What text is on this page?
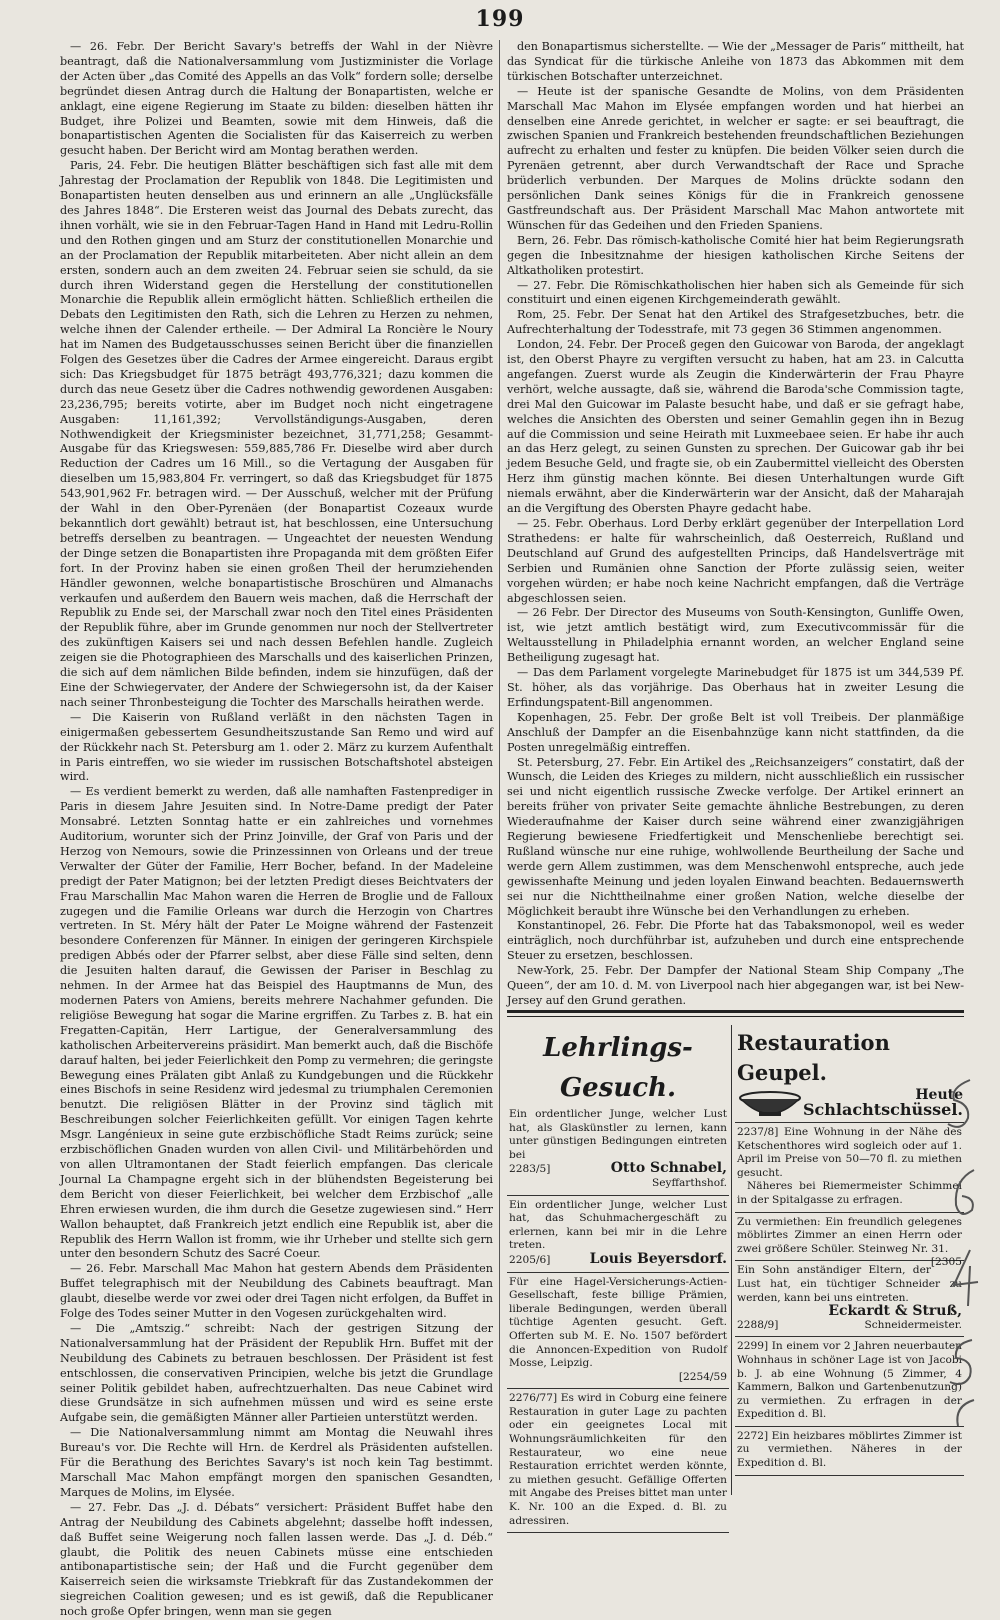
199

— 26. Febr. Der Bericht Savary's betreffs der Wahl in der Nièvre beantragt, daß die Nationalversammlung vom Justizminister die Vorlage der Acten über „das Comité des Appells an das Volk“ fordern solle; derselbe begründet diesen Antrag durch die Haltung der Bonapartisten, welche er anklagt, eine eigene Regierung im Staate zu bilden: dieselben hätten ihr Budget, ihre Polizei und Beamten, sowie mit dem Hinweis, daß die bonapartistischen Agenten die Socialisten für das Kaiserreich zu werben gesucht haben. Der Bericht wird am Montag berathen werden.

Paris, 24. Febr. Die heutigen Blätter beschäftigen sich fast alle mit dem Jahrestag der Proclamation der Republik von 1848. Die Legitimisten und Bonapartisten heuten denselben aus und erinnern an alle „Unglücksfälle des Jahres 1848“. Die Ersteren weist das Journal des Debats zurecht, das ihnen vorhält, wie sie in den Februar-Tagen Hand in Hand mit Ledru-Rollin und den Rothen gingen und am Sturz der constitutionellen Monarchie und an der Proclamation der Republik mitarbeiteten. Aber nicht allein an dem ersten, sondern auch an dem zweiten 24. Februar seien sie schuld, da sie durch ihren Widerstand gegen die Herstellung der constitutionellen Monarchie die Republik allein ermöglicht hätten. Schließlich ertheilen die Debats den Legitimisten den Rath, sich die Lehren zu Herzen zu nehmen, welche ihnen der Calender ertheile. — Der Admiral La Roncière le Noury hat im Namen des Budgetausschusses seinen Bericht über die finanziellen Folgen des Gesetzes über die Cadres der Armee eingereicht. Daraus ergibt sich: Das Kriegsbudget für 1875 beträgt 493,776,321; dazu kommen die durch das neue Gesetz über die Cadres nothwendig gewordenen Ausgaben: 23,236,795; bereits votirte, aber im Budget noch nicht eingetragene Ausgaben: 11,161,392; Vervollständigungs-Ausgaben, deren Nothwendigkeit der Kriegsminister bezeichnet, 31,771,258; Gesammt-Ausgabe für das Kriegswesen: 559,885,786 Fr. Dieselbe wird aber durch Reduction der Cadres um 16 Mill., so die Vertagung der Ausgaben für dieselben um 15,983,804 Fr. verringert, so daß das Kriegsbudget für 1875 543,901,962 Fr. betragen wird. — Der Ausschuß, welcher mit der Prüfung der Wahl in den Ober-Pyrenäen (der Bonapartist Cozeaux wurde bekanntlich dort gewählt) betraut ist, hat beschlossen, eine Untersuchung betreffs derselben zu beantragen. — Ungeachtet der neuesten Wendung der Dinge setzen die Bonapartisten ihre Propaganda mit dem größten Eifer fort. In der Provinz haben sie einen großen Theil der herumziehenden Händler gewonnen, welche bonapartistische Broschüren und Almanachs verkaufen und außerdem den Bauern weis machen, daß die Herrschaft der Republik zu Ende sei, der Marschall zwar noch den Titel eines Präsidenten der Republik führe, aber im Grunde genommen nur noch der Stellvertreter des zukünftigen Kaisers sei und nach dessen Befehlen handle. Zugleich zeigen sie die Photographieen des Marschalls und des kaiserlichen Prinzen, die sich auf dem nämlichen Bilde befinden, indem sie hinzufügen, daß der Eine der Schwiegervater, der Andere der Schwiegersohn ist, da der Kaiser nach seiner Thronbesteigung die Tochter des Marschalls heirathen werde.

— Die Kaiserin von Rußland verläßt in den nächsten Tagen in einigermaßen gebessertem Gesundheitszustande San Remo und wird auf der Rückkehr nach St. Petersburg am 1. oder 2. März zu kurzem Aufenthalt in Paris eintreffen, wo sie wieder im russischen Botschaftshotel absteigen wird.

— Es verdient bemerkt zu werden, daß alle namhaften Fastenprediger in Paris in diesem Jahre Jesuiten sind. In Notre-Dame predigt der Pater Monsabré. Letzten Sonntag hatte er ein zahlreiches und vornehmes Auditorium, worunter sich der Prinz Joinville, der Graf von Paris und der Herzog von Nemours, sowie die Prinzessinnen von Orleans und der treue Verwalter der Güter der Familie, Herr Bocher, befand. In der Madeleine predigt der Pater Matignon; bei der letzten Predigt dieses Beichtvaters der Frau Marschallin Mac Mahon waren die Herren de Broglie und de Falloux zugegen und die Familie Orleans war durch die Herzogin von Chartres vertreten. In St. Méry hält der Pater Le Moigne während der Fastenzeit besondere Conferenzen für Männer. In einigen der geringeren Kirchspiele predigen Abbés oder der Pfarrer selbst, aber diese Fälle sind selten, denn die Jesuiten halten darauf, die Gewissen der Pariser in Beschlag zu nehmen. In der Armee hat das Beispiel des Hauptmanns de Mun, des modernen Paters von Amiens, bereits mehrere Nachahmer gefunden. Die religiöse Bewegung hat sogar die Marine ergriffen. Zu Tarbes z. B. hat ein Fregatten-Capitän, Herr Lartigue, der Generalversammlung des katholischen Arbeitervereins präsidirt. Man bemerkt auch, daß die Bischöfe darauf halten, bei jeder Feierlichkeit den Pomp zu vermehren; die geringste Bewegung eines Prälaten gibt Anlaß zu Kundgebungen und die Rückkehr eines Bischofs in seine Residenz wird jedesmal zu triumphalen Ceremonien benutzt. Die religiösen Blätter in der Provinz sind täglich mit Beschreibungen solcher Feierlichkeiten gefüllt. Vor einigen Tagen kehrte Msgr. Langénieux in seine gute erzbischöfliche Stadt Reims zurück; seine erzbischöflichen Gnaden wurden von allen Civil- und Militärbehörden und von allen Ultramontanen der Stadt feierlich empfangen. Das clericale Journal La Champagne ergeht sich in der blühendsten Begeisterung bei dem Bericht von dieser Feierlichkeit, bei welcher dem Erzbischof „alle Ehren erwiesen wurden, die ihm durch die Gesetze zugewiesen sind.“ Herr Wallon behauptet, daß Frankreich jetzt endlich eine Republik ist, aber die Republik des Herrn Wallon ist fromm, wie ihr Urheber und stellte sich gern unter den besondern Schutz des Sacré Coeur.

— 26. Febr. Marschall Mac Mahon hat gestern Abends dem Präsidenten Buffet telegraphisch mit der Neubildung des Cabinets beauftragt. Man glaubt, dieselbe werde vor zwei oder drei Tagen nicht erfolgen, da Buffet in Folge des Todes seiner Mutter in den Vogesen zurückgehalten wird.

— Die „Amtszig.“ schreibt: Nach der gestrigen Sitzung der Nationalversammlung hat der Präsident der Republik Hrn. Buffet mit der Neubildung des Cabinets zu betrauen beschlossen. Der Präsident ist fest entschlossen, die conservativen Principien, welche bis jetzt die Grundlage seiner Politik gebildet haben, aufrechtzuerhalten. Das neue Cabinet wird diese Grundsätze in sich aufnehmen müssen und wird es seine erste Aufgabe sein, die gemäßigten Männer aller Partieien unterstützt werden.

— Die Nationalversammlung nimmt am Montag die Neuwahl ihres Bureau's vor. Die Rechte will Hrn. de Kerdrel als Präsidenten aufstellen. Für die Berathung des Berichtes Savary's ist noch kein Tag bestimmt. Marschall Mac Mahon empfängt morgen den spanischen Gesandten, Marques de Molins, im Elysée.

— 27. Febr. Das „J. d. Débats“ versichert: Präsident Buffet habe den Antrag der Neubildung des Cabinets abgelehnt; dasselbe hofft indessen, daß Buffet seine Weigerung noch fallen lassen werde. Das „J. d. Déb.“ glaubt, die Politik des neuen Cabinets müsse eine entschieden antibonapartistische sein; der Haß und die Furcht gegenüber dem Kaiserreich seien die wirksamste Triebkraft für das Zustandekommen der siegreichen Coalition gewesen; und es ist gewiß, daß die Republicaner noch große Opfer bringen, wenn man sie gegen

den Bonapartismus sicherstellte. — Wie der „Messager de Paris“ mittheilt, hat das Syndicat für die türkische Anleihe von 1873 das Abkommen mit dem türkischen Botschafter unterzeichnet.

— Heute ist der spanische Gesandte de Molins, von dem Präsidenten Marschall Mac Mahon im Elysée empfangen worden und hat hierbei an denselben eine Anrede gerichtet, in welcher er sagte: er sei beauftragt, die zwischen Spanien und Frankreich bestehenden freundschaftlichen Beziehungen aufrecht zu erhalten und fester zu knüpfen. Die beiden Völker seien durch die Pyrenäen getrennt, aber durch Verwandtschaft der Race und Sprache brüderlich verbunden. Der Marques de Molins drückte sodann den persönlichen Dank seines Königs für die in Frankreich genossene Gastfreundschaft aus. Der Präsident Marschall Mac Mahon antwortete mit Wünschen für das Gedeihen und den Frieden Spaniens.

Bern, 26. Febr. Das römisch-katholische Comité hier hat beim Regierungsrath gegen die Inbesitznahme der hiesigen katholischen Kirche Seitens der Altkatholiken protestirt.

— 27. Febr. Die Römischkatholischen hier haben sich als Gemeinde für sich constituirt und einen eigenen Kirchgemeinderath gewählt.

Rom, 25. Febr. Der Senat hat den Artikel des Strafgesetzbuches, betr. die Aufrechterhaltung der Todesstrafe, mit 73 gegen 36 Stimmen angenommen.

London, 24. Febr. Der Proceß gegen den Guicowar von Baroda, der angeklagt ist, den Oberst Phayre zu vergiften versucht zu haben, hat am 23. in Calcutta angefangen. Zuerst wurde als Zeugin die Kinderwärterin der Frau Phayre verhört, welche aussagte, daß sie, während die Baroda'sche Commission tagte, drei Mal den Guicowar im Palaste besucht habe, und daß er sie gefragt habe, welches die Ansichten des Obersten und seiner Gemahlin gegen ihn in Bezug auf die Commission und seine Heirath mit Luxmeebaee seien. Er habe ihr auch an das Herz gelegt, zu seinen Gunsten zu sprechen. Der Guicowar gab ihr bei jedem Besuche Geld, und fragte sie, ob ein Zaubermittel vielleicht des Obersten Herz ihm günstig machen könnte. Bei diesen Unterhaltungen wurde Gift niemals erwähnt, aber die Kinderwärterin war der Ansicht, daß der Maharajah an die Vergiftung des Obersten Phayre gedacht habe.

— 25. Febr. Oberhaus. Lord Derby erklärt gegenüber der Interpellation Lord Strathedens: er halte für wahrscheinlich, daß Oesterreich, Rußland und Deutschland auf Grund des aufgestellten Princips, daß Handelsverträge mit Serbien und Rumänien ohne Sanction der Pforte zulässig seien, weiter vorgehen würden; er habe noch keine Nachricht empfangen, daß die Verträge abgeschlossen seien.

— 26 Febr. Der Director des Museums von South-Kensington, Gunliffe Owen, ist, wie jetzt amtlich bestätigt wird, zum Executivcommissär für die Weltausstellung in Philadelphia ernannt worden, an welcher England seine Betheiligung zugesagt hat.

— Das dem Parlament vorgelegte Marinebudget für 1875 ist um 344,539 Pf. St. höher, als das vorjährige. Das Oberhaus hat in zweiter Lesung die Erfindungspatent-Bill angenommen.

Kopenhagen, 25. Febr. Der große Belt ist voll Treibeis. Der planmäßige Anschluß der Dampfer an die Eisenbahnzüge kann nicht stattfinden, da die Posten unregelmäßig eintreffen.

St. Petersburg, 27. Febr. Ein Artikel des „Reichsanzeigers“ constatirt, daß der Wunsch, die Leiden des Krieges zu mildern, nicht ausschließlich ein russischer sei und nicht eigentlich russische Zwecke verfolge. Der Artikel erinnert an bereits früher von privater Seite gemachte ähnliche Bestrebungen, zu deren Wiederaufnahme der Kaiser durch seine während einer zwanzigjährigen Regierung bewiesene Friedfertigkeit und Menschenliebe berechtigt sei. Rußland wünsche nur eine ruhige, wohlwollende Beurtheilung der Sache und werde gern Allem zustimmen, was dem Menschenwohl entspreche, auch jede gewissenhafte Meinung und jeden loyalen Einwand beachten. Bedauernswerth sei nur die Nichttheilnahme einer großen Nation, welche dieselbe der Möglichkeit beraubt ihre Wünsche bei den Verhandlungen zu erheben.

Konstantinopel, 26. Febr. Die Pforte hat das Tabaksmonopol, weil es weder einträglich, noch durchführbar ist, aufzuheben und durch eine entsprechende Steuer zu ersetzen, beschlossen.

New-York, 25. Febr. Der Dampfer der National Steam Ship Company „The Queen“, der am 10. d. M. von Liverpool nach hier abgegangen war, ist bei New-Jersey auf den Grund gerathen.

Lehrlings-Gesuch.
Ein ordentlicher Junge, welcher Lust hat, als Glaskünstler zu lernen, kann unter günstigen Bedingungen eintreten bei
2283/5]	Otto Schnabel,
Seyffarthshof.
Ein ordentlicher Junge, welcher Lust hat, das Schuhmachergeschäft zu erlernen, kann bei mir in die Lehre treten.
2205/6]	Louis Beyersdorf.
Für eine Hagel-Versicherungs-Actien-Gesellschaft, feste billige Prämien, liberale Bedingungen, werden überall tüchtige Agenten gesucht. Geft. Offerten sub M. E. No. 1507 befördert die Annoncen-Expedition von Rudolf Mosse, Leipzig.
[2254/59
2276/77] Es wird in Coburg eine feinere Restauration in guter Lage zu pachten oder ein geeignetes Local mit Wohnungsräumlichkeiten für den Restaurateur, wo eine neue Restauration errichtet werden könnte, zu miethen gesucht. Gefällige Offerten mit Angabe des Preises bittet man unter K. Nr. 100 an die Exped. d. Bl. zu adressiren.
Restauration Geupel.
Heute
Schlachtschüssel.
2237/8] Eine Wohnung in der Nähe des Ketschenthores wird sogleich oder auf 1. April im Preise von 50—70 fl. zu miethen gesucht.
Näheres bei Riemermeister Schimmel in der Spitalgasse zu erfragen.
Zu vermiethen: Ein freundlich gelegenes möblirtes Zimmer an einen Herrn oder zwei größere Schüler. Steinweg Nr. 31.
[2305
Ein Sohn anständiger Eltern, der Lust hat, ein tüchtiger Schneider zu werden, kann bei uns eintreten.
Eckardt & Struß,
2288/9]	Schneidermeister.
2299] In einem vor 2 Jahren neuerbauten Wohnhaus in schöner Lage ist von Jacobi b. J. ab eine Wohnung (5 Zimmer, 4 Kammern, Balkon und Gartenbenutzung) zu vermiethen. Zu erfragen in der Expedition d. Bl.
2272] Ein heizbares möblirtes Zimmer ist zu vermiethen. Näheres in der Expedition d. Bl.
